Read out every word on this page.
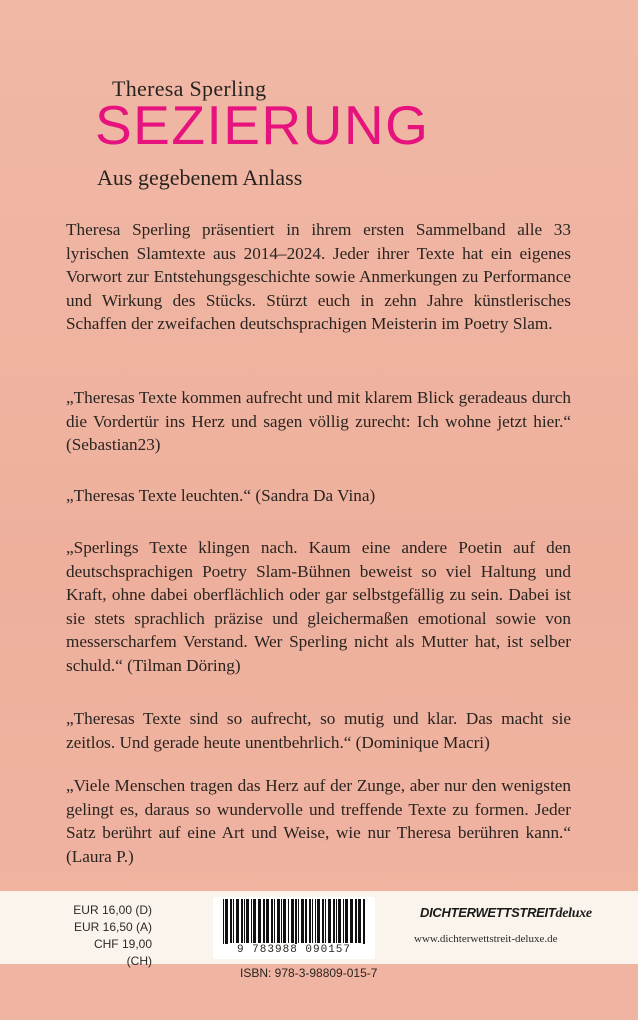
Theresa Sperling
SEZIERUNG
Aus gegebenem Anlass
Theresa Sperling präsentiert in ihrem ersten Sammelband alle 33 lyrischen Slamtexte aus 2014–2024. Jeder ihrer Texte hat ein eigenes Vorwort zur Entstehungsgeschichte sowie Anmerkungen zu Performance und Wirkung des Stücks. Stürzt euch in zehn Jahre künstlerisches Schaffen der zweifachen deutschsprachigen Meisterin im Poetry Slam.
„Theresas Texte kommen aufrecht und mit klarem Blick geradeaus durch die Vordertür ins Herz und sagen völlig zurecht: Ich wohne jetzt hier.“ (Sebastian23)
„Theresas Texte leuchten.“ (Sandra Da Vina)
„Sperlings Texte klingen nach. Kaum eine andere Poetin auf den deutschsprachigen Poetry Slam-Bühnen beweist so viel Haltung und Kraft, ohne dabei oberflächlich oder gar selbstgefällig zu sein. Dabei ist sie stets sprachlich präzise und gleichermaßen emotional sowie von messerscharfem Verstand. Wer Sperling nicht als Mutter hat, ist selber schuld.“ (Tilman Döring)
„Theresas Texte sind so aufrecht, so mutig und klar. Das macht sie zeitlos. Und gerade heute unentbehrlich.“ (Dominique Macri)
„Viele Menschen tragen das Herz auf der Zunge, aber nur den wenigsten gelingt es, daraus so wundervolle und treffende Texte zu formen. Jeder Satz berührt auf eine Art und Weise, wie nur Theresa berühren kann.“ (Laura P.)
EUR 16,00 (D)
EUR 16,50 (A)
CHF 19,00 (CH)
9 783988 090157
DICHTERWETTSTREITdeluxe
www.dichterwettstreit-deluxe.de
ISBN: 978-3-98809-015-7
